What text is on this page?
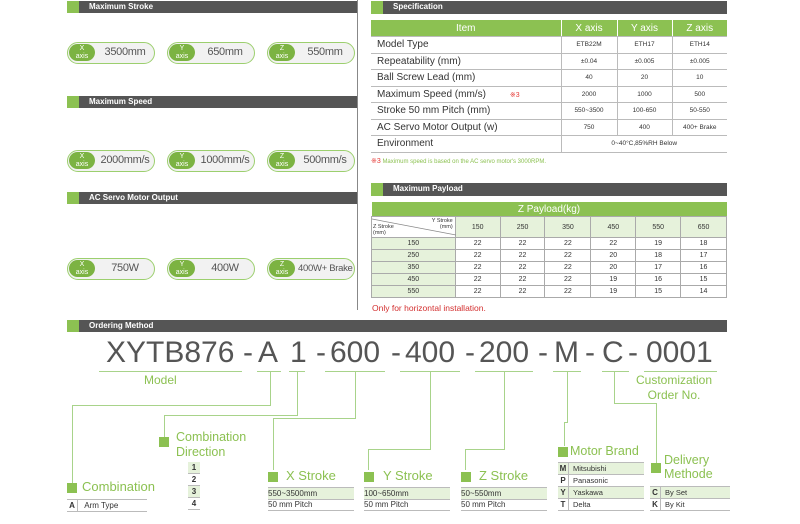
Maximum Stroke
X
axis	3500mm	Y
axis	650mm	Z
axis	550mm
Maximum Speed
X
axis	2000mm/s	Y
axis	1000mm/s	Z
axis	500mm/s
AC Servo Motor Output
X
axis	750W	Y
axis	400W	Z
axis	400W+ Brake
Specification
Item	X axis	Y axis	Z axis
Model Type	ETB22M	ETH17	ETH14
Repeatability (mm)	±0.04	±0.005	±0.005
Ball Screw Lead (mm)	40	20	10
Maximum Speed (mm/s) ※3	2000	1000	500
Stroke 50 mm Pitch (mm)	550~3500	100-650	50-550
AC Servo Motor Output (w)	750	400	400+ Brake
Environment	0~40°C,85%RH Below		
※3 Maximum speed is based on the AC servo motor's 3000RPM.
Maximum Payload
Z Payload(kg)						

Y Stroke
(mm)
Z Stroke
(mm)	150	250	350	450	550	650
150	22	22	22	22	19	18
250	22	22	22	20	18	17
350	22	22	22	20	17	16
450	22	22	22	19	16	15
550	22	22	22	19	15	14
Only for horizontal installation.
Ordering Method
XYTB876 - A 1 - 600 - 400 - 200 - M - C - 0001
Model	Customization
Order No.
Combination
A Arm Type
Combination
Direction
1
2
3
4
X Stroke
550~3500mm
50 mm Pitch
Y Stroke
100~650mm
50 mm Pitch
Z Stroke
50~550mm
50 mm Pitch
Motor Brand
M Mitsubishi
P Panasonic
Y Yaskawa
T Delta
Delivery
Methode
C By Set
K By Kit
